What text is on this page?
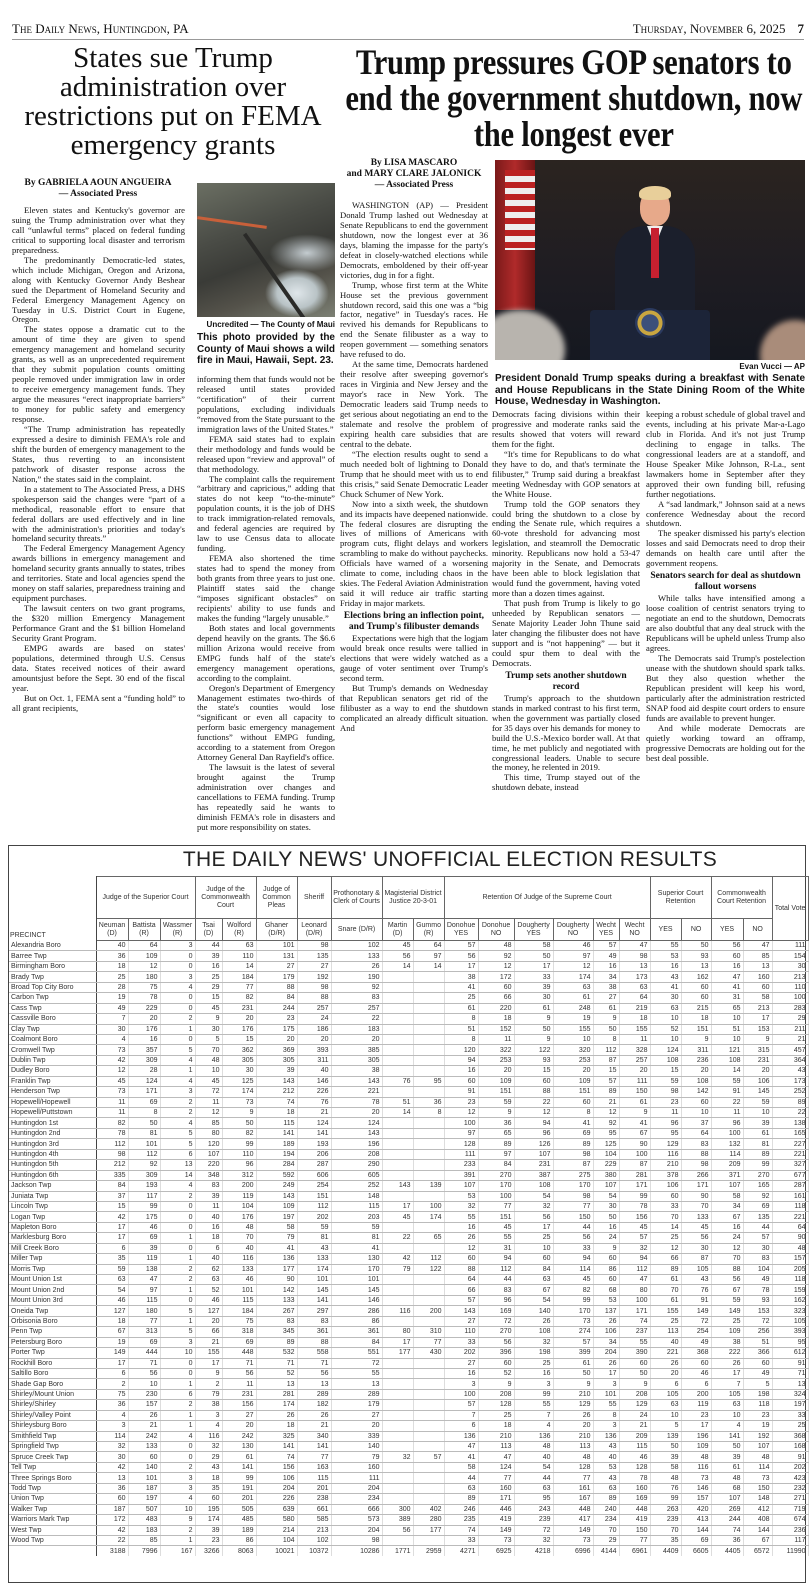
The Daily News, Huntingdon, PA	Thursday, November 6, 2025 7
States sue Trump administration over restrictions put on FEMA emergency grants
By GABRIELA AOUN ANGUEIRA
— Associated Press

Eleven states and Kentucky's governor are suing the Trump administration over what they call “unlawful terms” placed on federal funding critical to supporting local disaster and terrorism preparedness.

The predominantly Democratic-led states, which include Michigan, Oregon and Arizona, along with Kentucky Governor Andy Beshear sued the Department of Homeland Security and Federal Emergency Management Agency on Tuesday in U.S. District Court in Eugene, Oregon.

The states oppose a dramatic cut to the amount of time they are given to spend emergency management and homeland security grants, as well as an unprecedented requirement that they submit population counts omitting people removed under immigration law in order to receive emergency management funds. They argue the measures “erect inappropriate barriers” to money for public safety and emergency response.

“The Trump administration has repeatedly expressed a desire to diminish FEMA's role and shift the burden of emergency management to the States, thus reverting to an inconsistent patchwork of disaster response across the Nation,” the states said in the complaint.

In a statement to The Associated Press, a DHS spokesperson said the changes were “part of a methodical, reasonable effort to ensure that federal dollars are used effectively and in line with the administration's priorities and today's homeland security threats.”

The Federal Emergency Management Agency awards billions in emergency management and homeland security grants annually to states, tribes and territories. State and local agencies spend the money on staff salaries, preparedness training and equipment purchases.

The lawsuit centers on two grant programs, the $320 million Emergency Management Performance Grant and the $1 billion Homeland Security Grant Program.

EMPG awards are based on states' populations, determined through U.S. Census data. States received notices of their award amountsjust before the Sept. 30 end of the fiscal year.

But on Oct. 1, FEMA sent a “funding hold” to all grant recipients,

Uncredited — The County of Maui
This photo provided by the County of Maui shows a wild fire in Maui, Hawaii, Sept. 23.

informing them that funds would not be released until states provided “certification” of their current populations, excluding individuals “removed from the State pursuant to the immigration laws of the United States.”

FEMA said states had to explain their methodology and funds would be released upon “review and approval” of that methodology.

The complaint calls the requirement “arbitrary and capricious,” adding that states do not keep “to-the-minute” population counts, it is the job of DHS to track immigration-related removals, and federal agencies are required by law to use Census data to allocate funding.

FEMA also shortened the time states had to spend the money from both grants from three years to just one. Plaintiff states said the change “imposes significant obstacles” on recipients' ability to use funds and makes the funding “largely unusable.”

Both states and local governments depend heavily on the grants. The $6.6 million Arizona would receive from EMPG funds half of the state's emergency management operations, according to the complaint.

Oregon's Department of Emergency Management estimates two-thirds of the state's counties would lose “significant or even all capacity to perform basic emergency management functions” without EMPG funding, according to a statement from Oregon Attorney General Dan Rayfield's office.

The lawsuit is the latest of several brought against the Trump administration over changes and cancellations to FEMA funding. Trump has repeatedly said he wants to diminish FEMA's role in disasters and put more responsibility on states.

Trump pressures GOP senators to end the government shutdown, now the longest ever
By LISA MASCARO
and MARY CLARE JALONICK
— Associated Press

WASHINGTON (AP) — President Donald Trump lashed out Wednesday at Senate Republicans to end the government shutdown, now the longest ever at 36 days, blaming the impasse for the party's defeat in closely-watched elections while Democrats, emboldened by their off-year victories, dug in for a fight.

Trump, whose first term at the White House set the previous government shutdown record, said this one was a “big factor, negative” in Tuesday's races. He revived his demands for Republicans to end the Senate filibuster as a way to reopen government — something senators have refused to do.

At the same time, Democrats hardened their resolve after sweeping governor's races in Virginia and New Jersey and the mayor's race in New York. The Democratic leaders said Trump needs to get serious about negotiating an end to the stalemate and resolve the problem of expiring health care subsidies that are central to the debate.

“The election results ought to send a much needed bolt of lightning to Donald Trump that he should meet with us to end this crisis,” said Senate Democratic Leader Chuck Schumer of New York.

Now into a sixth week, the shutdown and its impacts have deepened nationwide. The federal closures are disrupting the lives of millions of Americans with program cuts, flight delays and workers scrambling to make do without paychecks. Officials have warned of a worsening climate to come, including chaos in the skies. The Federal Aviation Administration said it will reduce air traffic starting Friday in major markets.

Elections bring an inflection point, and Trump's filibuster demands

Expectations were high that the logjam would break once results were tallied in elections that were widely watched as a gauge of voter sentiment over Trump's second term.

But Trump's demands on Wednesday that Republican senators get rid of the filibuster as a way to end the shutdown complicated an already difficult situation. And

Evan Vucci — AP
President Donald Trump speaks during a breakfast with Senate and House Republicans in the State Dining Room of the White House, Wednesday in Washington.

Democrats facing divisions within their progressive and moderate ranks said the results showed that voters will reward them for the fight.

“It's time for Republicans to do what they have to do, and that's terminate the filibuster,” Trump said during a breakfast meeting Wednesday with GOP senators at the White House.

Trump told the GOP senators they could bring the shutdown to a close by ending the Senate rule, which requires a 60-vote threshold for advancing most legislation, and steamroll the Democratic minority. Republicans now hold a 53-47 majority in the Senate, and Democrats have been able to block legislation that would fund the government, having voted more than a dozen times against.

That push from Trump is likely to go unheeded by Republican senators — Senate Majority Leader John Thune said later changing the filibuster does not have support and is “not happening” — but it could spur them to deal with the Democrats.

Trump sets another shutdown record

Trump's approach to the shutdown stands in marked contrast to his first term, when the government was partially closed for 35 days over his demands for money to build the U.S.-Mexico border wall. At that time, he met publicly and negotiated with congressional leaders. Unable to secure the money, he relented in 2019.

This time, Trump stayed out of the shutdown debate, instead

keeping a robust schedule of global travel and events, including at his private Mar-a-Lago club in Florida. And it's not just Trump declining to engage in talks. The congressional leaders are at a standoff, and House Speaker Mike Johnson, R-La., sent lawmakers home in September after they approved their own funding bill, refusing further negotiations.

A “sad landmark,” Johnson said at a news conference Wednesday about the record shutdown.

The speaker dismissed his party's election losses and said Democrats need to drop their demands on health care until after the government reopens.

Senators search for deal as shutdown fallout worsens

While talks have intensified among a loose coalition of centrist senators trying to negotiate an end to the shutdown, Democrats are also doubtful that any deal struck with the Republicans will be upheld unless Trump also agrees.

The Democrats said Trump's postelection unease with the shutdown should spark talks. But they also question whether the Republican president will keep his word, particularly after the administration restricted SNAP food aid despite court orders to ensure funds are available to prevent hunger.

And while moderate Democrats are quietly working toward an offramp, progressive Democrats are holding out for the best deal possible.

THE DAILY NEWS' UNOFFICIAL ELECTION RESULTS
PRECINCT	Judge of the Superior Court			Judge of the Commonwealth Court		Judge of Common Pleas	Sheriff	Prothonotary & Clerk of Courts	Magisterial District Justice 20-3-01		Retention Of Judge of the Supreme Court						Superior Court Retention		Commonwealth Court Retention		Total Vote
	Neuman (D)	Battista (R)	Wassmer (R)	Tsai (D)	Wolford (R)	Ghaner (D/R)	Leonard (D/R)	Snare (D/R)	Martin (D)	Gummo (R)	Donohue YES	Donohue NO	Dougherty YES	Dougherty NO	Wecht YES	Wecht NO	YES	NO	YES	NO	
Alexandria Boro	40	64	3	44	63	101	98	102	45	64	57	48	58	46	57	47	55	50	56	47	111
Barree Twp	36	109	0	39	110	131	135	133	56	97	56	92	50	97	49	98	53	93	60	85	154
Birmingham Boro	18	12	0	16	14	27	27	26	14	14	17	12	17	12	16	13	16	13	16	13	30
Brady Twp	25	180	3	25	184	179	192	190			38	172	33	174	34	173	43	162	47	160	213
Broad Top City Boro	28	75	4	29	77	88	98	92			41	60	39	63	38	63	41	60	41	60	110
Carbon Twp	19	78	0	15	82	84	88	83			25	66	30	61	27	64	30	60	31	58	100
Cass Twp	49	229	0	45	231	244	257	257			61	220	61	248	61	219	63	215	65	213	283
Cassville Boro	7	20	2	9	20	23	24	22			8	18	9	19	9	18	10	18	10	17	29
Clay Twp	30	176	1	30	176	175	186	183			51	152	50	155	50	155	52	151	51	153	211
Coalmont Boro	4	16	0	5	15	20	20	20			8	11	9	10	8	11	10	9	10	9	21
Cromwell Twp	73	357	5	70	362	369	393	385			120	322	122	320	112	328	124	311	121	315	457
Dublin Twp	42	309	4	48	305	305	311	305			94	253	93	253	87	257	108	236	108	231	364
Dudley Boro	12	28	1	10	30	39	40	38			16	20	15	20	15	20	15	20	14	20	43
Franklin Twp	45	124	4	45	125	143	146	143	76	95	60	109	60	109	57	111	59	108	59	106	173
Henderson Twp	73	171	3	72	174	212	226	221			91	151	88	151	89	150	98	142	91	145	252
Hopewell/Hopewell	11	69	2	11	73	74	76	78	51	36	23	59	22	60	21	61	23	60	22	59	89
Hopewell/Puttstown	11	8	2	12	9	18	21	20	14	8	12	9	12	8	12	9	11	10	11	10	22
Huntingdon 1st	82	50	4	85	50	115	124	124			100	36	94	41	92	41	96	37	96	39	138
Huntingdon 2nd	78	81	5	80	82	141	141	143			97	65	96	69	95	67	95	64	100	61	165
Huntingdon 3rd	112	101	5	120	99	189	193	196			128	89	126	89	125	90	129	83	132	81	227
Huntingdon 4th	98	112	6	107	110	194	206	208			111	97	107	98	104	100	116	88	114	89	221
Huntingdon 5th	212	92	13	220	96	284	287	290			233	84	231	87	229	87	210	98	209	99	327
Huntingdon 6th	335	309	14	348	312	592	606	605			391	270	387	275	380	281	378	266	371	270	677
Jackson Twp	84	193	4	83	200	249	254	252	143	139	107	170	108	170	107	171	106	171	107	165	287
Juniata Twp	37	117	2	39	119	143	151	148			53	100	54	98	54	99	60	90	58	92	161
Lincoln Twp	15	99	0	11	104	109	112	115	17	100	32	77	32	77	30	78	33	70	34	69	118
Logan Twp	42	175	0	40	176	197	202	203	45	174	55	151	56	150	50	156	70	133	67	135	221
Mapleton Boro	17	46	0	16	48	58	59	59			16	45	17	44	16	45	14	45	16	44	64
Marklesburg Boro	17	69	1	18	70	79	81	81	22	65	26	55	25	56	24	57	25	56	24	57	90
Mill Creek Boro	6	39	0	6	40	41	43	41			12	31	10	33	9	32	12	30	12	30	48
Miller Twp	35	119	1	40	116	136	133	130	42	112	60	94	60	94	60	94	66	87	70	83	157
Morris Twp	59	138	2	62	133	177	174	170	79	122	88	112	84	114	86	112	89	105	88	104	205
Mount Union 1st	63	47	2	63	46	90	101	101			64	44	63	45	60	47	61	43	56	49	118
Mount Union 2nd	54	97	1	52	101	142	145	145			66	83	67	82	68	80	70	76	67	78	159
Mount Union 3rd	46	115	0	46	115	133	141	146			57	96	54	99	53	100	61	91	59	93	162
Oneida Twp	127	180	5	127	184	267	297	286	116	200	143	169	140	170	137	171	155	149	149	153	323
Orbisonia Boro	18	77	1	20	75	83	83	86			27	72	26	73	26	74	25	72	25	72	105
Penn Twp	67	313	5	66	318	345	361	361	80	310	110	270	108	274	106	237	113	254	109	256	393
Petersburg Boro	19	69	3	21	69	89	88	84	17	77	33	56	32	57	34	55	40	49	38	51	95
Porter Twp	149	444	10	155	448	532	558	551	177	430	202	396	198	399	204	390	221	368	222	366	612
Rockhill Boro	17	71	0	17	71	71	71	72			27	60	25	61	26	60	26	60	26	60	91
Saltillo Boro	6	56	0	9	56	52	56	55			16	52	16	50	17	50	20	46	17	49	71
Shade Gap Boro	2	10	1	2	11	13	13	13			3	9	3	9	3	9	6	6	7	5	13
Shirley/Mount Union	75	230	6	79	231	281	289	289			100	208	99	210	101	208	105	200	105	198	324
Shirley/Shirley	36	157	2	38	156	174	182	179			57	128	55	129	55	129	63	119	63	118	197
Shirley/Valley Point	4	26	1	3	27	26	26	27			7	25	7	26	8	24	10	23	10	23	33
Shirleysburg Boro	3	21	1	4	20	18	21	20			6	18	4	20	3	21	5	17	4	19	25
Smithfield Twp	114	242	4	116	242	325	340	339			136	210	136	210	136	209	139	196	141	192	368
Springfield Twp	32	133	0	32	130	141	141	140			47	113	48	113	43	115	50	109	50	107	168
Spruce Creek Twp	30	60	0	29	61	74	77	79	32	57	41	47	40	48	40	46	39	48	39	48	91
Tell Twp	42	140	2	43	141	156	163	160			58	124	54	128	53	128	58	116	61	114	202
Three Springs Boro	13	101	3	18	99	106	115	111			44	77	44	77	43	78	48	73	48	73	423
Todd Twp	36	187	3	35	191	204	201	204			63	160	63	161	63	160	76	146	68	150	232
Union Twp	60	197	4	60	201	226	238	234			89	171	95	167	89	169	99	157	107	148	271
Walker Twp	187	507	10	195	505	639	661	666	300	402	246	446	243	448	240	448	263	420	269	412	719
Warriors Mark Twp	172	483	9	174	485	580	585	573	389	280	235	419	239	417	234	419	239	413	244	408	674
West Twp	42	183	2	39	189	214	213	204	56	177	74	149	72	149	70	150	70	144	74	144	236
Wood Twp	22	85	1	23	86	104	102	98			33	73	32	73	29	77	35	69	36	67	117
	3188	7996	167	3266	8063	10021	10372	10286	1771	2959	4271	6925	4218	6996	4144	6961	4409	6605	4405	6572	11990
